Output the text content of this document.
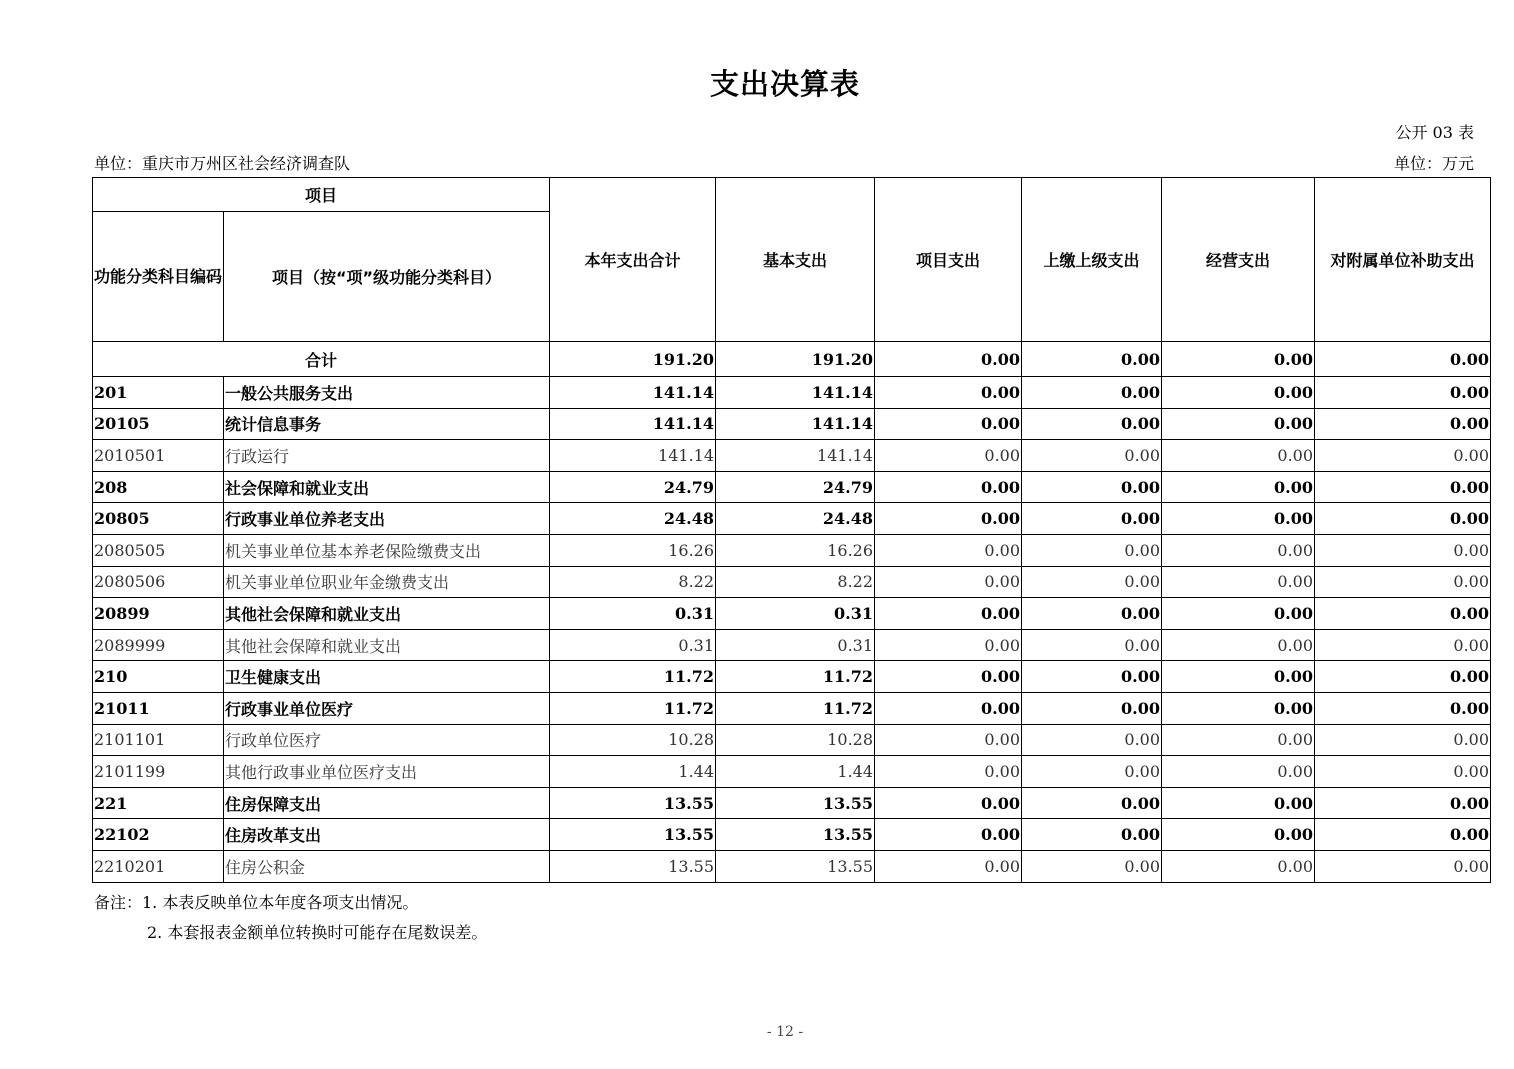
支出决算表
公开 03 表
单位：重庆市万州区社会经济调查队	单位：万元
项目		本年支出合计	基本支出	项目支出	上缴上级支出	经营支出	对附属单位补助支出
功能分类科目编码	项目（按“项”级功能分类科目）						
合计		191.20	191.20	0.00	0.00	0.00	0.00
201	一般公共服务支出	141.14	141.14	0.00	0.00	0.00	0.00
20105	统计信息事务	141.14	141.14	0.00	0.00	0.00	0.00
2010501	行政运行	141.14	141.14	0.00	0.00	0.00	0.00
208	社会保障和就业支出	24.79	24.79	0.00	0.00	0.00	0.00
20805	行政事业单位养老支出	24.48	24.48	0.00	0.00	0.00	0.00
2080505	机关事业单位基本养老保险缴费支出	16.26	16.26	0.00	0.00	0.00	0.00
2080506	机关事业单位职业年金缴费支出	8.22	8.22	0.00	0.00	0.00	0.00
20899	其他社会保障和就业支出	0.31	0.31	0.00	0.00	0.00	0.00
2089999	其他社会保障和就业支出	0.31	0.31	0.00	0.00	0.00	0.00
210	卫生健康支出	11.72	11.72	0.00	0.00	0.00	0.00
21011	行政事业单位医疗	11.72	11.72	0.00	0.00	0.00	0.00
2101101	行政单位医疗	10.28	10.28	0.00	0.00	0.00	0.00
2101199	其他行政事业单位医疗支出	1.44	1.44	0.00	0.00	0.00	0.00
221	住房保障支出	13.55	13.55	0.00	0.00	0.00	0.00
22102	住房改革支出	13.55	13.55	0.00	0.00	0.00	0.00
2210201	住房公积金	13.55	13.55	0.00	0.00	0.00	0.00
备注：1. 本表反映单位本年度各项支出情况。
2. 本套报表金额单位转换时可能存在尾数误差。
- 12 -
